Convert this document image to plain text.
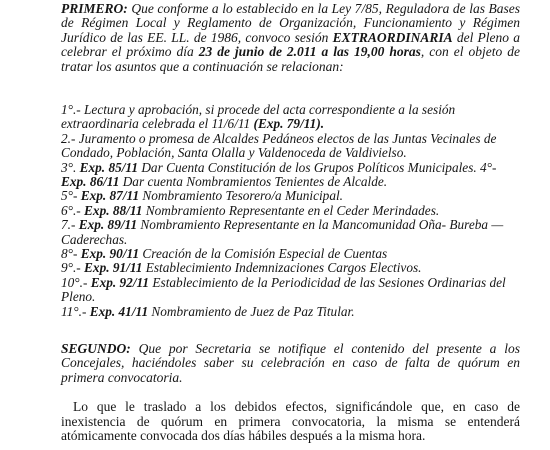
PRIMERO: Que conforme a lo establecido en la Ley 7/85, Reguladora de las Bases de Régimen Local y Reglamento de Organización, Funcionamiento y Régimen Jurídico de las EE. LL. de 1986, convoco sesión EXTRAORDINARIA del Pleno a celebrar el próximo día 23 de junio de 2.011 a las 19,00 horas, con el objeto de tratar los asuntos que a continuación se relacionan:

1°.- Lectura y aprobación, si procede del acta correspondiente a la sesión extraordinaria celebrada el 11/6/11 (Exp. 79/11).
2.- Juramento o promesa de Alcaldes Pedáneos electos de las Juntas Vecinales de Condado, Población, Santa Olalla y Valdenoceda de Valdivielso.
3°. Exp. 85/11 Dar Cuenta Constitución de los Grupos Políticos Municipales. 4°-
Exp. 86/11 Dar cuenta Nombramientos Tenientes de Alcalde.
5°- Exp. 87/11 Nombramiento Tesorero/a Municipal.
6°.- Exp. 88/11 Nombramiento Representante en el Ceder Merindades.
7.- Exp. 89/11 Nombramiento Representante en la Mancomunidad Oña- Bureba — Caderechas.
8°- Exp. 90/11 Creación de la Comisión Especial de Cuentas
9°.- Exp. 91/11 Establecimiento Indemnizaciones Cargos Electivos.
10°.- Exp. 92/11 Establecimiento de la Periodicidad de las Sesiones Ordinarias del Pleno.
11°.- Exp. 41/11 Nombramiento de Juez de Paz Titular.

SEGUNDO: Que por Secretaria se notifique el contenido del presente a los Concejales, haciéndoles saber su celebración en caso de falta de quórum en primera convocatoria.

Lo que le traslado a los debidos efectos, significándole que, en caso de inexistencia de quórum en primera convocatoria, la misma se entenderá atómicamente convocada dos días hábiles después a la misma hora.
